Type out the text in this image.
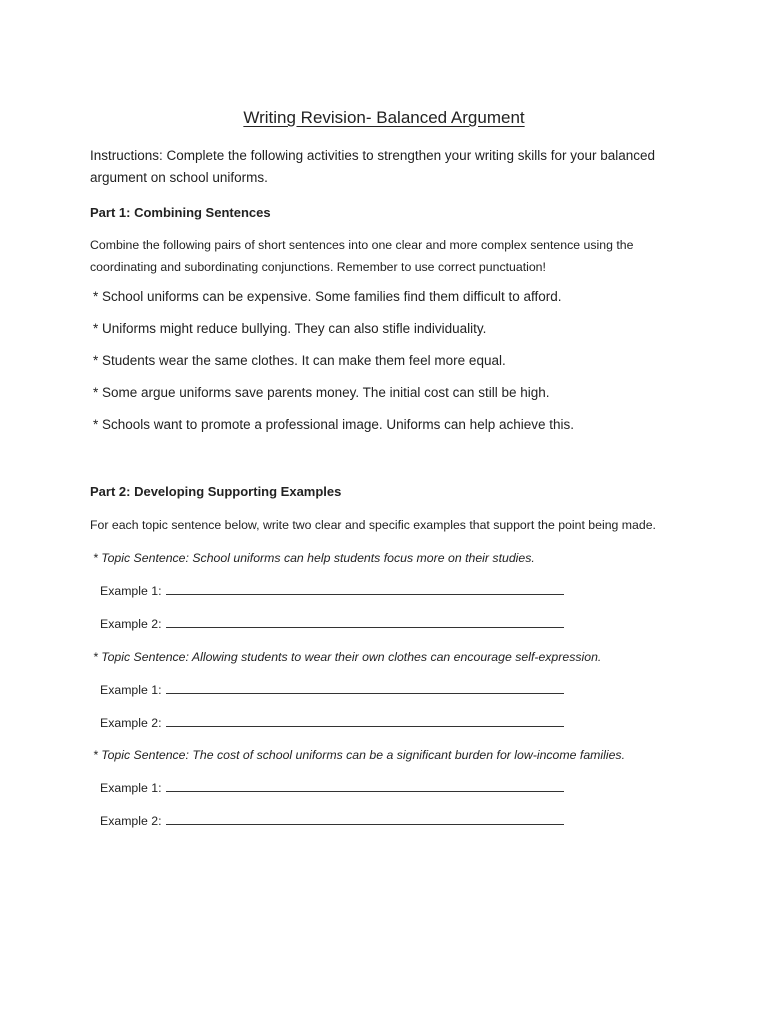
Writing Revision- Balanced Argument
Instructions: Complete the following activities to strengthen your writing skills for your balanced argument on school uniforms.
Part 1: Combining Sentences
Combine the following pairs of short sentences into one clear and more complex sentence using the coordinating and subordinating conjunctions. Remember to use correct punctuation!
* School uniforms can be expensive. Some families find them difficult to afford.
* Uniforms might reduce bullying. They can also stifle individuality.
* Students wear the same clothes. It can make them feel more equal.
* Some argue uniforms save parents money. The initial cost can still be high.
* Schools want to promote a professional image. Uniforms can help achieve this.
Part 2: Developing Supporting Examples
For each topic sentence below, write two clear and specific examples that support the point being made.
* Topic Sentence: School uniforms can help students focus more on their studies.
Example 1:
Example 2:
* Topic Sentence: Allowing students to wear their own clothes can encourage self-expression.
Example 1:
Example 2:
* Topic Sentence: The cost of school uniforms can be a significant burden for low-income families.
Example 1:
Example 2:
